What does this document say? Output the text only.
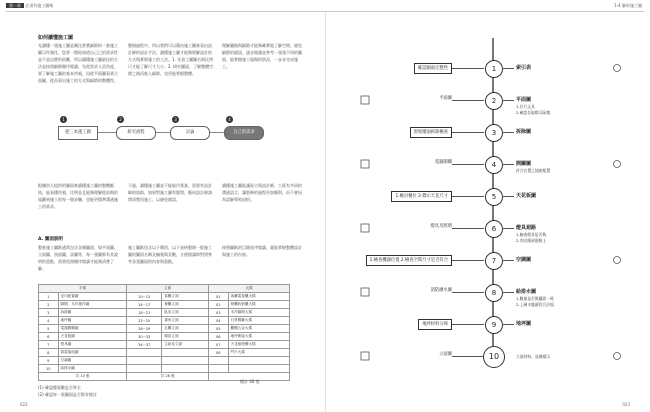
第一章 必須有施工圖嗎	1-4 解析施工圖
如何讀懂施工圖

先讀懂一張施工圖是關注甚麼細節的一套施工圖示符號化，您要一開始知道自己已的需求性並不是這麼的困難，所以讀懂施工圖最佳的方法是按照細節順序閱讀，先從需求人員角度，要了解施工圖的基本符號，再從平面圖看到立面圖，從而看出施工的方式與細節的整體性。

整個過程中，所以我們可以藉由施工圖來看出設計師的設計手法，讀懂施工圖才能夠理解設計的方式與實際施工的工法。1. 先看工圖圖名與比例尺才能了解尺寸大小。2. 研究圖面，了解整體空間之後再進入細節，也更能掌握整體。

理解圖後與細節才能夠確實地了解空間，避免細節的錯誤，逐步閱讀並參考一張張不同的圖面，能掌握施工現場的狀況，一步步完成施工。

1	2	3	4
從三本施工圖	研究流程	討論	自己的需求

根據別人提供的圖面來讀懂施工圖的整體脈絡，能看懂符號、比例並且能夠理解從前期的規劃到施工的每一個步驟，也能更精準溝通施工的需求。

不過，讀懂施工圖並不能取代專業，需要有設計師的協助，如果對施工圖有疑問，應向設計師詢問清楚再施工，以避免錯誤。

讀懂施工圖能讓屋主與設計師、工班有共同的溝通語言，讓裝修的過程更加順利，而不會因為誤解導致糾紛。

A. 圖面說明

整套施工圖紙通常包含各類圖面，如平面圖、立面圖、剖面圖、詳圖等，每一張圖都有其說明的重點，需要依照順序閱讀才能夠清楚了解。

施工圖紙包含以下類別，以下表格整理一般施工圖的圖面名稱及編號與頁數，方便閱讀時對照參考各張圖面的內容與重點。

按照圖紙的目錄依序閱讀，就能掌握整體設計與施工的內容。

平面		立面		大樣	
1	室內配置圖	10~13	客廳立面	01	客廳電視櫃大樣
2	隔間、木作施作圖	14~17	餐廳立面	02	餐廳收納櫃大樣
3	拆除圖	18~21	臥室立面	03	木作隔間大樣
4	地坪圖	22~25	書房立面	04	石材踢腳大樣
5	電器開關圖	26~29	玄關立面	05	櫃體五金大樣
6	天花板圖	30~33	衛浴立面	06	地坪銜接大樣
7	燈具圖	34~37	主臥室立面	07	天花板燈槽大樣
8	弱電插座圖			08	門片大樣
9	空調圖				
10	給排水圖				
共 10 張		共 28 張			
總計 46 張
(1) 確認總張數是否齊全
(2) 確認每一張圖面是否都有標註
022
1
確認圖面完整性	索引表
2
平面圖	平面圖
1.存行文具
2.確認存取標示區塊
3
原始牆面拆除檢查	拆除圖
4
電器開關	開關圖
符合位置之插座配置
5
1.檢討餐位 2.標示天花尺寸	天花板圖
6
燈具及照明	燈具迴路
1.檢查燈具是否夠
2.有回饋到迴路上
7
1.檢查機器位置 2.檢查空間尺寸是否符合	空調圖
8
消防灑水圖	給排水圖
1.數量是否與圖面一致
2.上層水龍頭符合法規
9
地坪材料分佈	地坪圖
10
立面圖	立面材料、設備標示
023
